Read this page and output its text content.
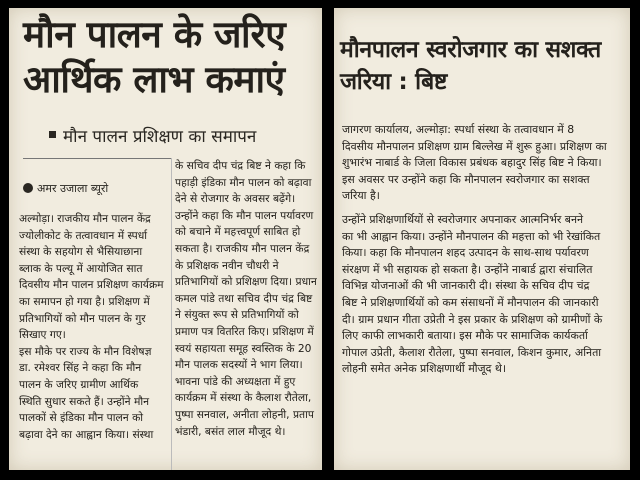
मौन पालन के जरिए
आर्थिक लाभ कमाएं
मौन पालन प्रशिक्षण का समापन
अमर उजाला ब्यूरो

अल्मोड़ा। राजकीय मौन पालन केंद्र

ज्योलीकोट के तत्वावधान में स्पर्धा

संस्था के सहयोग से भैसियाछाना

ब्लाक के पल्यू में आयोजित सात

दिवसीय मौन पालन प्रशिक्षण कार्यक्रम

का समापन हो गया है। प्रशिक्षण में

प्रतिभागियों को मौन पालन के गुर

सिखाए गए।

इस मौके पर राज्य के मौन विशेषज्ञ

डा. रमेश्वर सिंह ने कहा कि मौन

पालन के जरिए ग्रामीण आर्थिक

स्थिति सुधार सकते हैं। उन्होंने मौन

पालकों से इंडिका मौन पालन को

बढ़ावा देने का आह्वान किया। संस्था

के सचिव दीप चंद्र बिष्ट ने कहा कि

पहाड़ी इंडिका मौन पालन को बढ़ावा

देने से रोजगार के अवसर बढ़ेंगे।

उन्होंने कहा कि मौन पालन पर्यावरण

को बचाने में महत्त्वपूर्ण साबित हो

सकता है। राजकीय मौन पालन केंद्र

के प्रशिक्षक नवीन चौधरी ने

प्रतिभागियों को प्रशिक्षण दिया। प्रधान

कमल पांडे तथा सचिव दीप चंद्र बिष्ट

ने संयुक्त रूप से प्रतिभागियों को

प्रमाण पत्र वितरित किए। प्रशिक्षण में

स्वयं सहायता समूह स्वस्तिक के 20

मौन पालक सदस्यों ने भाग लिया।

भावना पांडे की अध्यक्षता में हुए

कार्यक्रम में संस्था के कैलाश रौतेला,

पुष्पा सनवाल, अनीता लोहनी, प्रताप

भंडारी, बसंत लाल मौजूद थे।

मौनपालन स्वरोजगार का सशक्त
जरिया : बिष्ट

जागरण कार्यालय, अल्मोड़ा: स्पर्धा संस्था के तत्वावधान में 8

दिवसीय मौनपालन प्रशिक्षण ग्राम बिल्लेख में शुरू हुआ। प्रशिक्षण का

शुभारंभ नाबार्ड के जिला विकास प्रबंधक बहादुर सिंह बिष्ट ने किया।

इस अवसर पर उन्होंने कहा कि मौनपालन स्वरोजगार का सशक्त

जरिया है।

उन्होंने प्रशिक्षणार्थियों से स्वरोजगार अपनाकर आत्मनिर्भर बनने

का भी आह्वान किया। उन्होंने मौनपालन की महत्ता को भी रेखांकित

किया। कहा कि मौनपालन शहद उत्पादन के साथ-साथ पर्यावरण

संरक्षण में भी सहायक हो सकता है। उन्होंने नाबार्ड द्वारा संचालित

विभिन्न योजनाओं की भी जानकारी दी। संस्था के सचिव दीप चंद्र

बिष्ट ने प्रशिक्षणार्थियों को कम संसाधनों में मौनपालन की जानकारी

दी। ग्राम प्रधान गीता उप्रेती ने इस प्रकार के प्रशिक्षण को ग्रामीणों के

लिए काफी लाभकारी बताया। इस मौके पर सामाजिक कार्यकर्ता

गोपाल उप्रेती, कैलाश रौतेला, पुष्पा सनवाल, किशन कुमार, अनिता

लोहनी समेत अनेक प्रशिक्षणार्थी मौजूद थे।
